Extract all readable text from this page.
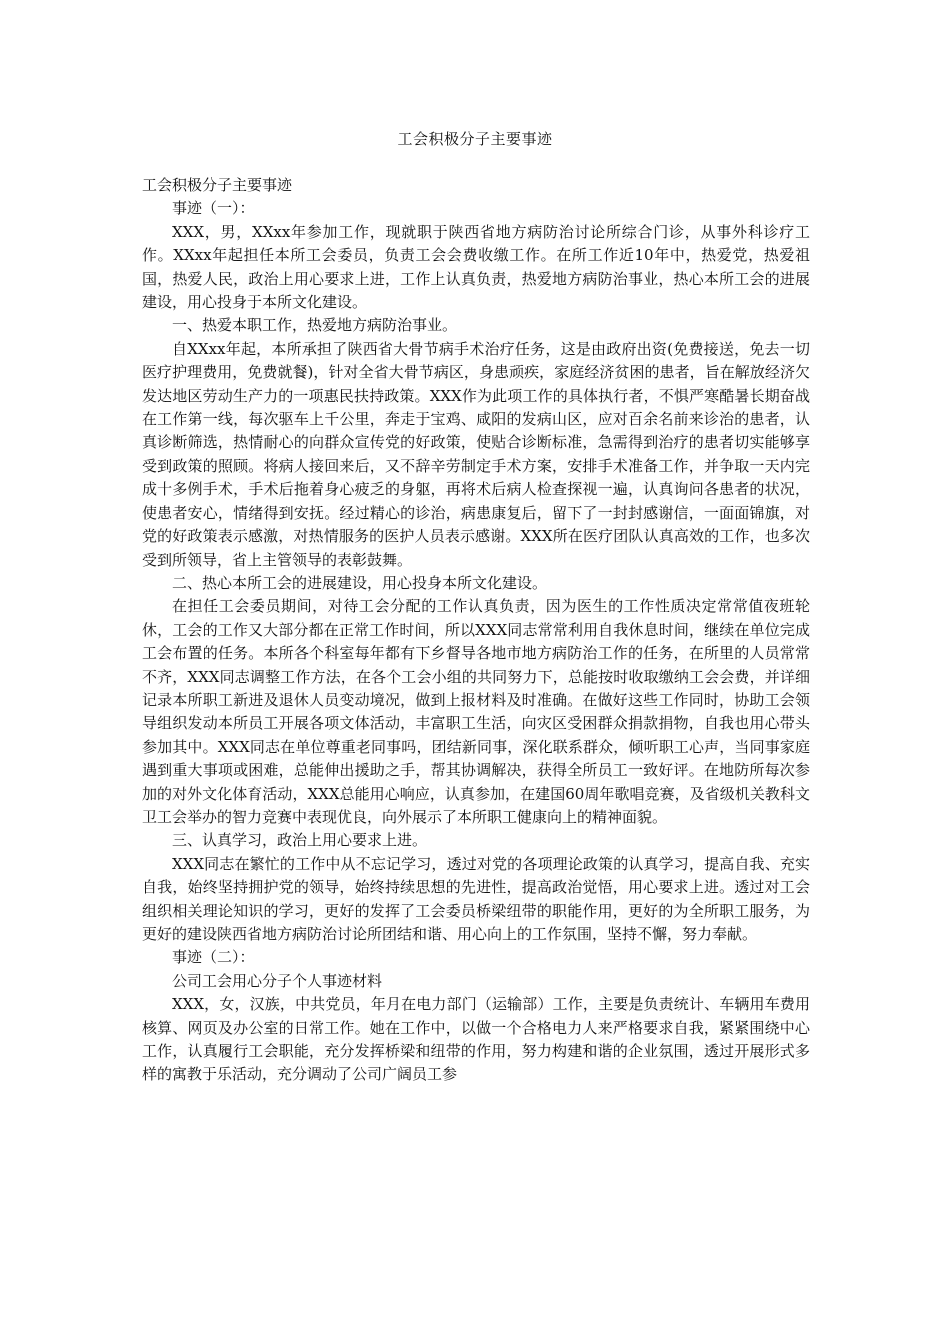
工会积极分子主要事迹

工会积极分子主要事迹

事迹（一）：

XXX，男，XXxx年参加工作，现就职于陕西省地方病防治讨论所综合门诊，从事外科诊疗工作。XXxx年起担任本所工会委员，负责工会会费收缴工作。在所工作近10年中，热爱党，热爱祖国，热爱人民，政治上用心要求上进，工作上认真负责，热爱地方病防治事业，热心本所工会的进展建设，用心投身于本所文化建设。

一、热爱本职工作，热爱地方病防治事业。

自XXxx年起，本所承担了陕西省大骨节病手术治疗任务，这是由政府出资(免费接送，免去一切医疗护理费用，免费就餐)，针对全省大骨节病区，身患顽疾，家庭经济贫困的患者，旨在解放经济欠发达地区劳动生产力的一项惠民扶持政策。XXX作为此项工作的具体执行者，不惧严寒酷暑长期奋战在工作第一线，每次驱车上千公里，奔走于宝鸡、咸阳的发病山区，应对百余名前来诊治的患者，认真诊断筛选，热情耐心的向群众宣传党的好政策，使贴合诊断标准，急需得到治疗的患者切实能够享受到政策的照顾。将病人接回来后，又不辞辛劳制定手术方案，安排手术准备工作，并争取一天内完成十多例手术，手术后拖着身心疲乏的身躯，再将术后病人检查探视一遍，认真询问各患者的状况，使患者安心，情绪得到安抚。经过精心的诊治，病患康复后，留下了一封封感谢信，一面面锦旗，对党的好政策表示感激，对热情服务的医护人员表示感谢。XXX所在医疗团队认真高效的工作，也多次受到所领导，省上主管领导的表彰鼓舞。

二、热心本所工会的进展建设，用心投身本所文化建设。

在担任工会委员期间，对待工会分配的工作认真负责，因为医生的工作性质决定常常值夜班轮休，工会的工作又大部分都在正常工作时间，所以XXX同志常常利用自我休息时间，继续在单位完成工会布置的任务。本所各个科室每年都有下乡督导各地市地方病防治工作的任务，在所里的人员常常不齐，XXX同志调整工作方法，在各个工会小组的共同努力下，总能按时收取缴纳工会会费，并详细记录本所职工新进及退休人员变动境况，做到上报材料及时准确。在做好这些工作同时，协助工会领导组织发动本所员工开展各项文体活动，丰富职工生活，向灾区受困群众捐款捐物，自我也用心带头参加其中。XXX同志在单位尊重老同事吗，团结新同事，深化联系群众，倾听职工心声，当同事家庭遇到重大事项或困难，总能伸出援助之手，帮其协调解决，获得全所员工一致好评。在地防所每次参加的对外文化体育活动，XXX总能用心响应，认真参加，在建国60周年歌唱竞赛，及省级机关教科文卫工会举办的智力竞赛中表现优良，向外展示了本所职工健康向上的精神面貌。

三、认真学习，政治上用心要求上进。

XXX同志在繁忙的工作中从不忘记学习，透过对党的各项理论政策的认真学习，提高自我、充实自我，始终坚持拥护党的领导，始终持续思想的先进性，提高政治觉悟，用心要求上进。透过对工会组织相关理论知识的学习，更好的发挥了工会委员桥梁纽带的职能作用，更好的为全所职工服务，为更好的建设陕西省地方病防治讨论所团结和谐、用心向上的工作氛围，坚持不懈，努力奉献。

事迹（二）：

公司工会用心分子个人事迹材料

XXX，女，汉族，中共党员，年月在电力部门（运输部）工作，主要是负责统计、车辆用车费用核算、网页及办公室的日常工作。她在工作中，以做一个合格电力人来严格要求自我，紧紧围绕中心工作，认真履行工会职能，充分发挥桥梁和纽带的作用，努力构建和谐的企业氛围，透过开展形式多样的寓教于乐活动，充分调动了公司广阔员工参
